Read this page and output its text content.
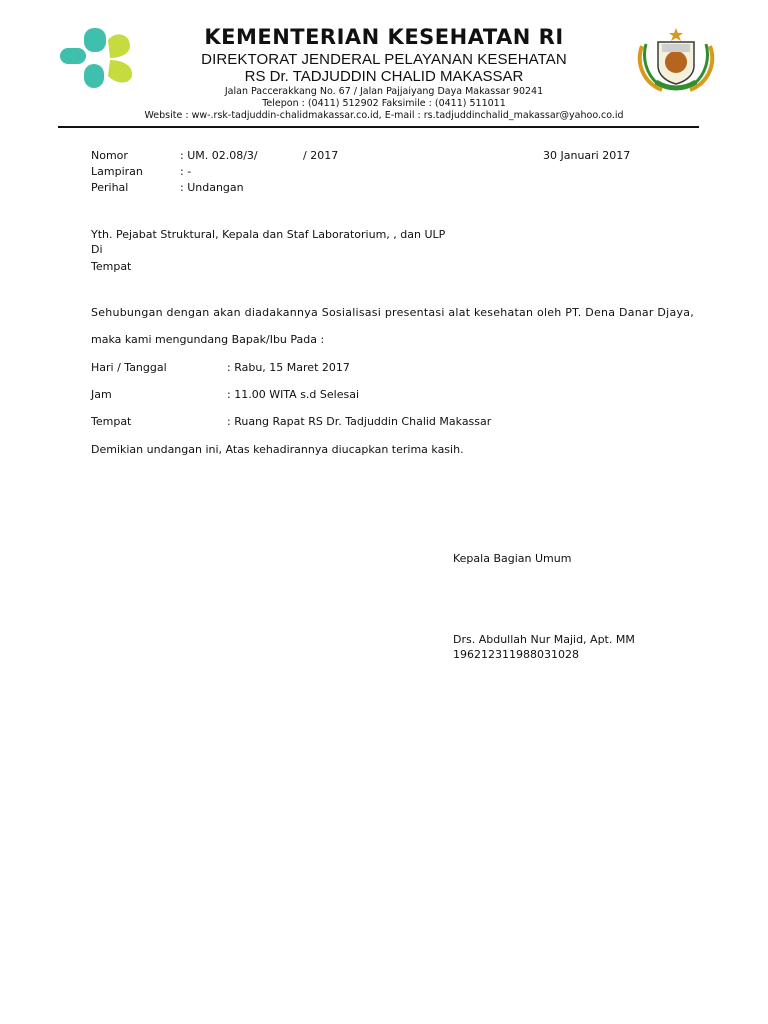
KEMENTERIAN KESEHATAN RI
DIREKTORAT JENDERAL PELAYANAN KESEHATAN
RS Dr. TADJUDDIN CHALID MAKASSAR
Jalan Paccerakkang No. 67 / Jalan Pajjaiyang Daya Makassar 90241
Telepon : (0411) 512902 Faksimile : (0411) 511011
Website : ww-.rsk-tadjuddin-chalidmakassar.co.id, E-mail : rs.tadjuddinchalid_makassar@yahoo.co.id
Nomor	: UM. 02.08/3/	/ 2017	30 Januari 2017
Lampiran	: -
Perihal	: Undangan
Yth. Pejabat Struktural, Kepala dan Staf Laboratorium, , dan ULP
Di
Tempat
Sehubungan dengan akan diadakannya Sosialisasi presentasi alat kesehatan oleh PT. Dena Danar Djaya,
maka kami mengundang Bapak/Ibu Pada :
Hari / Tanggal	: Rabu, 15 Maret 2017
Jam	: 11.00 WITA s.d Selesai
Tempat	: Ruang Rapat RS Dr. Tadjuddin Chalid Makassar
Demikian undangan ini, Atas kehadirannya diucapkan terima kasih.
Kepala Bagian Umum
Drs. Abdullah Nur Majid, Apt. MM
196212311988031028
